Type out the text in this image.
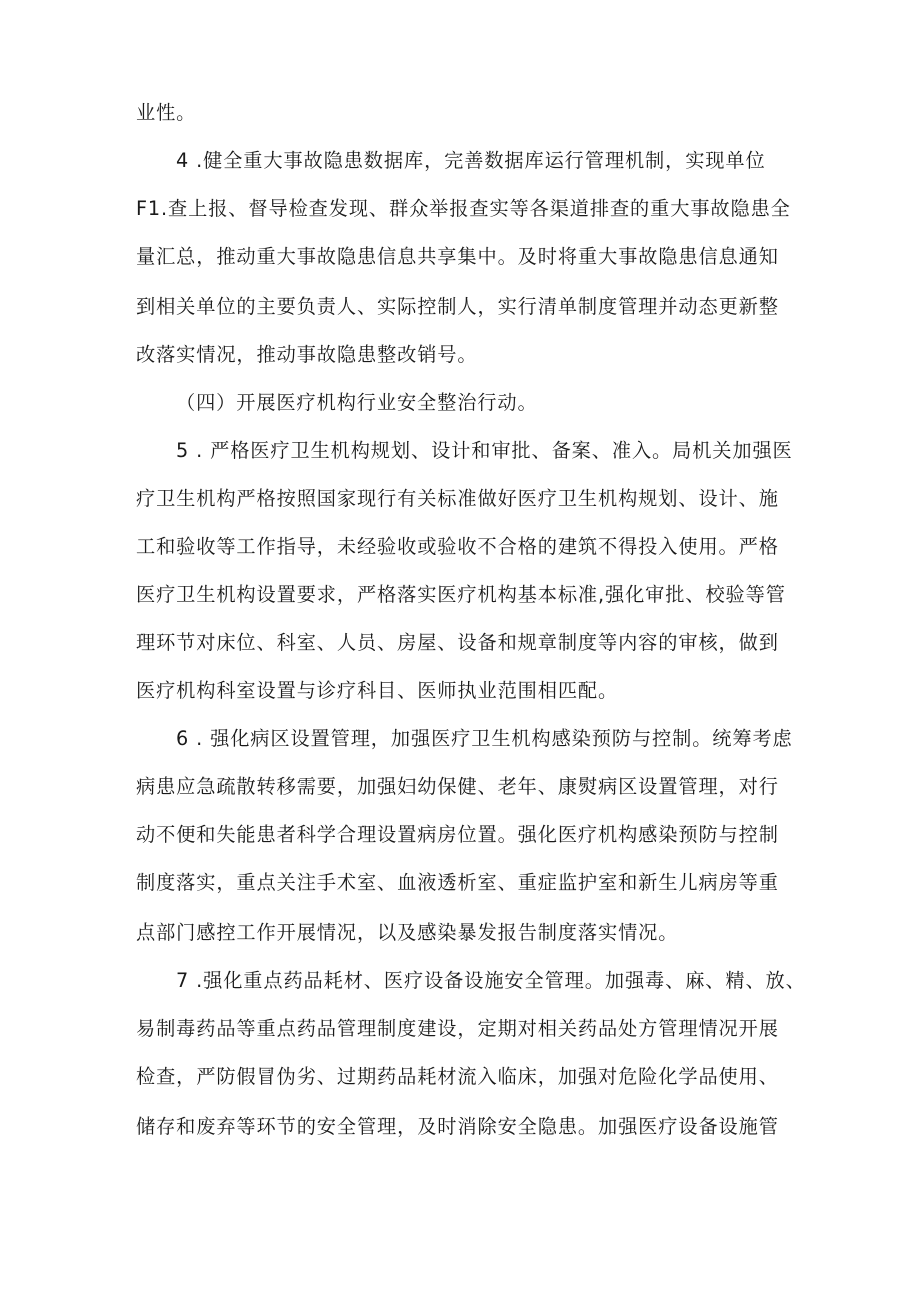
业性。
4 .健全重大事故隐患数据库，完善数据库运行管理机制，实现单位
F1.查上报、督导检查发现、群众举报查实等各渠道排查的重大事故隐患全
量汇总，推动重大事故隐患信息共享集中。及时将重大事故隐患信息通知
到相关单位的主要负责人、实际控制人，实行清单制度管理并动态更新整
改落实情况，推动事故隐患整改销号。
（四）开展医疗机构行业安全整治行动。
5 . 严格医疗卫生机构规划、设计和审批、备案、准入。局机关加强医
疗卫生机构严格按照国家现行有关标准做好医疗卫生机构规划、设计、施
工和验收等工作指导，未经验收或验收不合格的建筑不得投入使用。严格
医疗卫生机构设置要求，严格落实医疗机构基本标准,强化审批、校验等管
理环节对床位、科室、人员、房屋、设备和规章制度等内容的审核，做到
医疗机构科室设置与诊疗科目、医师执业范围相匹配。
6 . 强化病区设置管理，加强医疗卫生机构感染预防与控制。统筹考虑
病患应急疏散转移需要，加强妇幼保健、老年、康熨病区设置管理，对行
动不便和失能患者科学合理设置病房位置。强化医疗机构感染预防与控制
制度落实，重点关注手术室、血液透析室、重症监护室和新生儿病房等重
点部门感控工作开展情况，以及感染暴发报告制度落实情况。
7 .强化重点药品耗材、医疗设备设施安全管理。加强毒、麻、精、放、
易制毒药品等重点药品管理制度建设，定期对相关药品处方管理情况开展
检查，严防假冒伪劣、过期药品耗材流入临床，加强对危险化学品使用、
储存和废弃等环节的安全管理，及时消除安全隐患。加强医疗设备设施管
